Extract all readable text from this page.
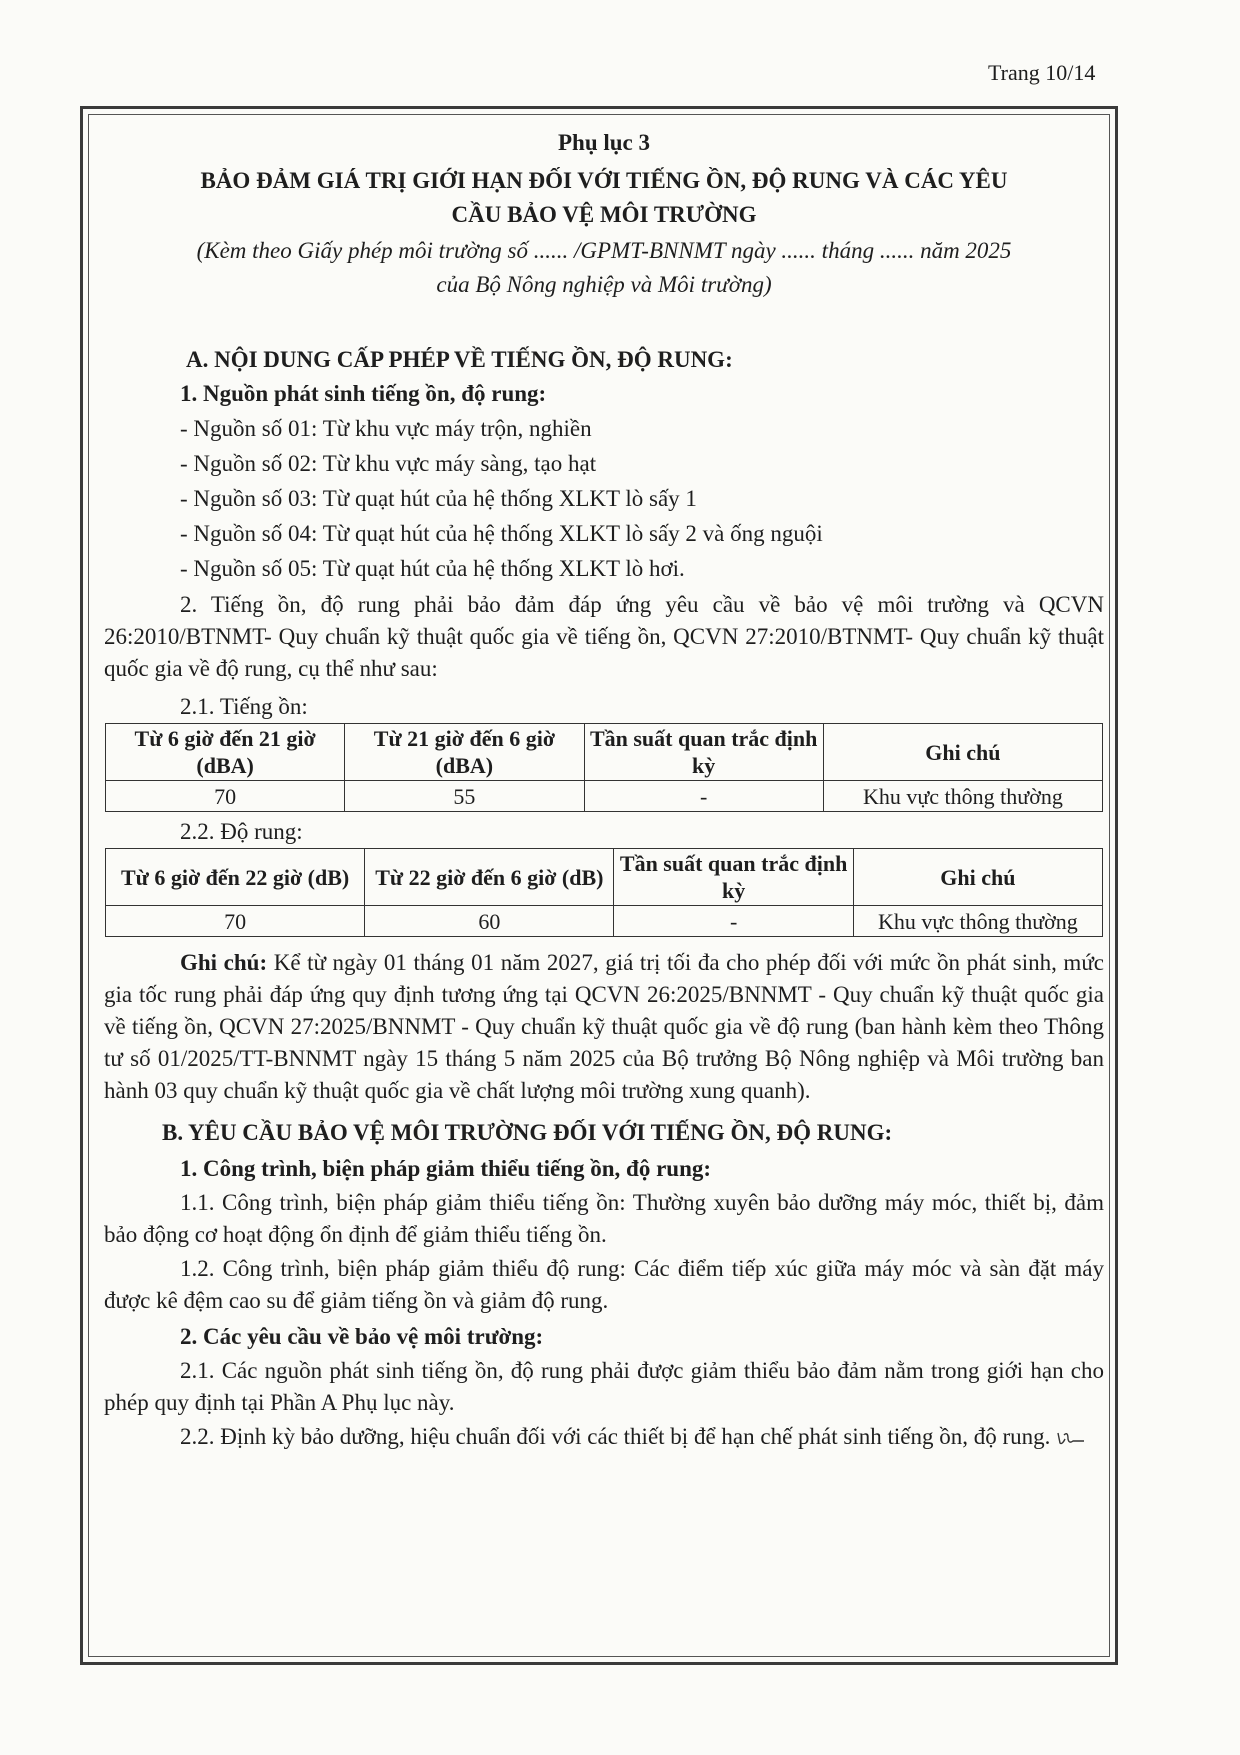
Trang 10/14
Phụ lục 3
BẢO ĐẢM GIÁ TRỊ GIỚI HẠN ĐỐI VỚI TIẾNG ỒN, ĐỘ RUNG VÀ CÁC YÊU
CẦU BẢO VỆ MÔI TRƯỜNG
(Kèm theo Giấy phép môi trường số ...... /GPMT-BNNMT ngày ...... tháng ...... năm 2025
của Bộ Nông nghiệp và Môi trường)
A. NỘI DUNG CẤP PHÉP VỀ TIẾNG ỒN, ĐỘ RUNG:
1. Nguồn phát sinh tiếng ồn, độ rung:
- Nguồn số 01: Từ khu vực máy trộn, nghiền
- Nguồn số 02: Từ khu vực máy sàng, tạo hạt
- Nguồn số 03: Từ quạt hút của hệ thống XLKT lò sấy 1
- Nguồn số 04: Từ quạt hút của hệ thống XLKT lò sấy 2 và ống nguội
- Nguồn số 05: Từ quạt hút của hệ thống XLKT lò hơi.
2. Tiếng ồn, độ rung phải bảo đảm đáp ứng yêu cầu về bảo vệ môi trường và QCVN 26:2010/BTNMT- Quy chuẩn kỹ thuật quốc gia về tiếng ồn, QCVN 27:2010/BTNMT- Quy chuẩn kỹ thuật quốc gia về độ rung, cụ thể như sau:
2.1. Tiếng ồn:
Từ 6 giờ đến 21 giờ (dBA)	Từ 21 giờ đến 6 giờ (dBA)	Tần suất quan trắc định kỳ	Ghi chú
70	55	-	Khu vực thông thường
2.2. Độ rung:
Từ 6 giờ đến 22 giờ (dB)	Từ 22 giờ đến 6 giờ (dB)	Tần suất quan trắc định kỳ	Ghi chú
70	60	-	Khu vực thông thường
Ghi chú: Kể từ ngày 01 tháng 01 năm 2027, giá trị tối đa cho phép đối với mức ồn phát sinh, mức gia tốc rung phải đáp ứng quy định tương ứng tại QCVN 26:2025/BNNMT - Quy chuẩn kỹ thuật quốc gia về tiếng ồn, QCVN 27:2025/BNNMT - Quy chuẩn kỹ thuật quốc gia về độ rung (ban hành kèm theo Thông tư số 01/2025/TT-BNNMT ngày 15 tháng 5 năm 2025 của Bộ trưởng Bộ Nông nghiệp và Môi trường ban hành 03 quy chuẩn kỹ thuật quốc gia về chất lượng môi trường xung quanh).
B. YÊU CẦU BẢO VỆ MÔI TRƯỜNG ĐỐI VỚI TIẾNG ỒN, ĐỘ RUNG:
1. Công trình, biện pháp giảm thiểu tiếng ồn, độ rung:
1.1. Công trình, biện pháp giảm thiểu tiếng ồn: Thường xuyên bảo dưỡng máy móc, thiết bị, đảm bảo động cơ hoạt động ổn định để giảm thiểu tiếng ồn.
1.2. Công trình, biện pháp giảm thiểu độ rung: Các điểm tiếp xúc giữa máy móc và sàn đặt máy được kê đệm cao su để giảm tiếng ồn và giảm độ rung.
2. Các yêu cầu về bảo vệ môi trường:
2.1. Các nguồn phát sinh tiếng ồn, độ rung phải được giảm thiểu bảo đảm nằm trong giới hạn cho phép quy định tại Phần A Phụ lục này.
2.2. Định kỳ bảo dưỡng, hiệu chuẩn đối với các thiết bị để hạn chế phát sinh tiếng ồn, độ rung.
